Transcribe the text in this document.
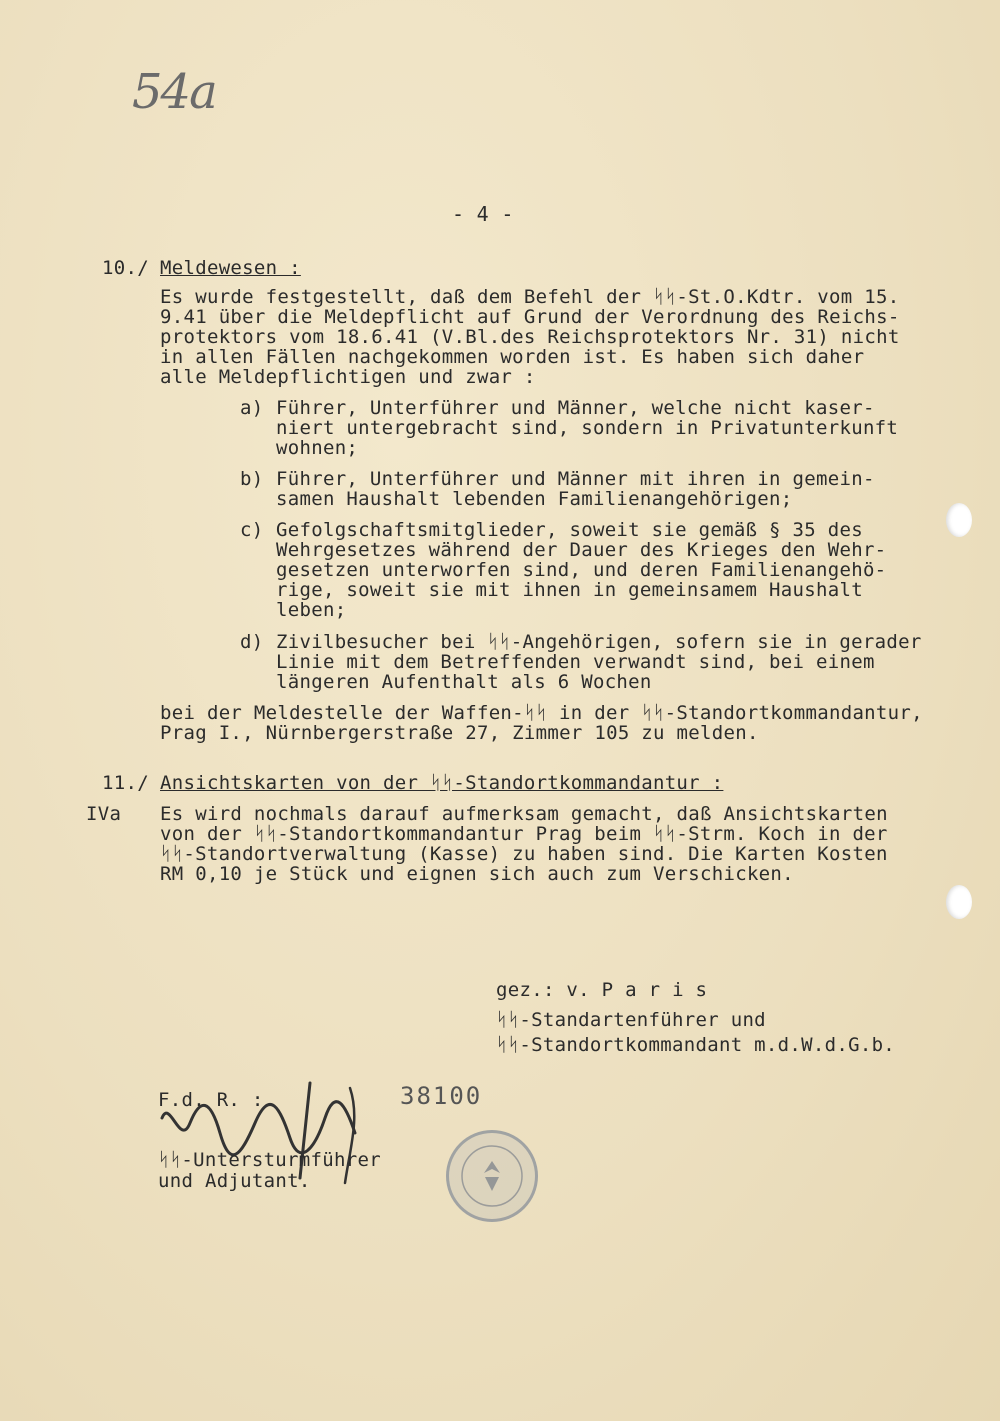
54a
- 4 -
10./ Meldewesen :
Es wurde festgestellt, daß dem Befehl der ᛋᛋ-St.O.Kdtr. vom 15.
9.41 über die Meldepflicht auf Grund der Verordnung des Reichs-
protektors vom 18.6.41 (V.Bl.des Reichsprotektors Nr. 31) nicht
in allen Fällen nachgekommen worden ist. Es haben sich daher
alle Meldepflichtigen und zwar :
a) Führer, Unterführer und Männer, welche nicht kaser-
niert untergebracht sind, sondern in Privatunterkunft
wohnen;
b) Führer, Unterführer und Männer mit ihren in gemein-
samen Haushalt lebenden Familienangehörigen;
c) Gefolgschaftsmitglieder, soweit sie gemäß § 35 des
Wehrgesetzes während der Dauer des Krieges den Wehr-
gesetzen unterworfen sind, und deren Familienangehö-
rige, soweit sie mit ihnen in gemeinsamem Haushalt
leben;
d) Zivilbesucher bei ᛋᛋ-Angehörigen, sofern sie in gerader
Linie mit dem Betreffenden verwandt sind, bei einem
längeren Aufenthalt als 6 Wochen
bei der Meldestelle der Waffen-ᛋᛋ in der ᛋᛋ-Standortkommandantur,
Prag I., Nürnbergerstraße 27, Zimmer 105 zu melden.
11./ Ansichtskarten von der ᛋᛋ-Standortkommandantur :
IVa Es wird nochmals darauf aufmerksam gemacht, daß Ansichtskarten
von der ᛋᛋ-Standortkommandantur Prag beim ᛋᛋ-Strm. Koch in der
ᛋᛋ-Standortverwaltung (Kasse) zu haben sind. Die Karten Kosten
RM 0,10 je Stück und eignen sich auch zum Verschicken.
gez.: v. P a r i s
ᛋᛋ-Standartenführer und
ᛋᛋ-Standortkommandant m.d.W.d.G.b.
F.d. R. :	38100
ᛋᛋ-Untersturmführer
und Adjutant.
